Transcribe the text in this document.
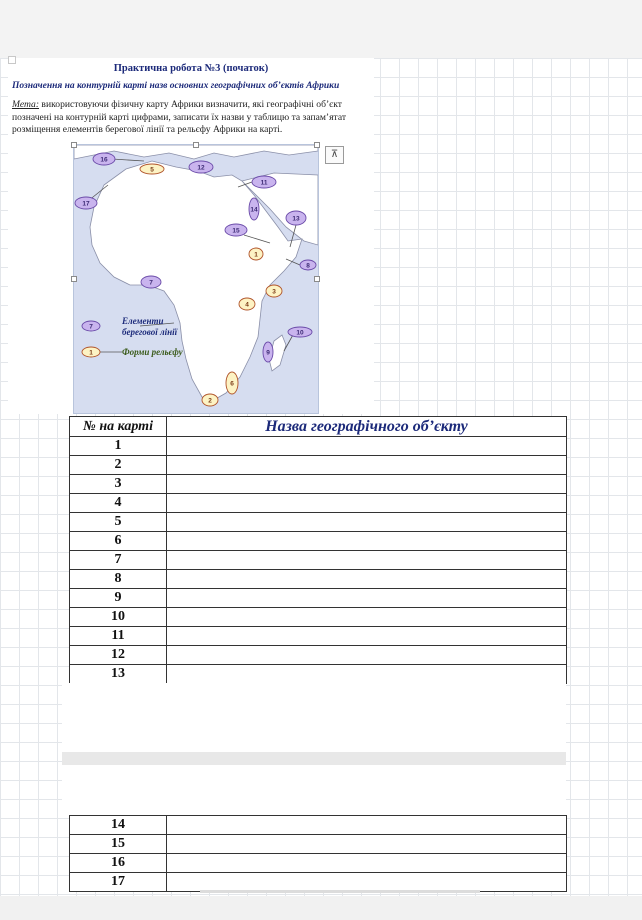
Практична робота №3 (початок)
Позначення на контурній карті назв основних географічних об’єктів Африки
Мета: використовуючи фізичну карту Африки визначити, які географічні об’єкт
позначені на контурній карті цифрами, записати їх назви у таблицю та запам’ятат
розміщення елементів берегової лінії та рельєфу Африки на карті.
⊼
16
5	12
17
11
14
13
15
1
8
7
3
4
10
9
6
2
7
1
Елементи
берегової лінії
Форми рельєфу
№ на карті	Назва географічного об’єкту
1	
2	
3	
4	
5	
6	
7	
8	
9	
10	
11	
12	
13	
14	
15	
16	
17	
